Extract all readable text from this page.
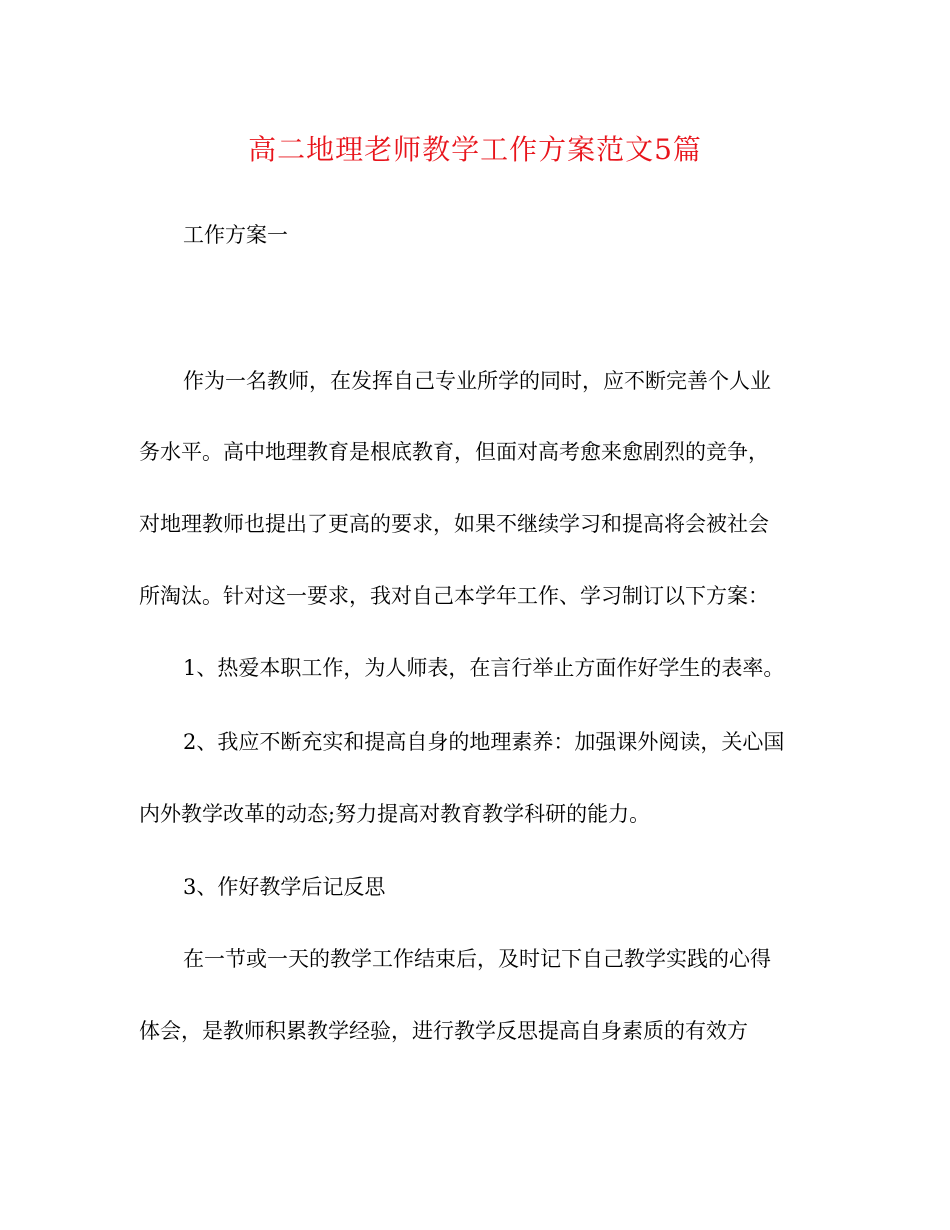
高二地理老师教学工作方案范文5篇
工作方案一
作为一名教师，在发挥自己专业所学的同时，应不断完善个人业
务水平。高中地理教育是根底教育，但面对高考愈来愈剧烈的竞争，
对地理教师也提出了更高的要求，如果不继续学习和提高将会被社会
所淘汰。针对这一要求，我对自己本学年工作、学习制订以下方案：
1、热爱本职工作，为人师表，在言行举止方面作好学生的表率。
2、我应不断充实和提高自身的地理素养：加强课外阅读，关心国
内外教学改革的动态;努力提高对教育教学科研的能力。
3、作好教学后记反思
在一节或一天的教学工作结束后，及时记下自己教学实践的心得
体会，是教师积累教学经验，进行教学反思提高自身素质的有效方
